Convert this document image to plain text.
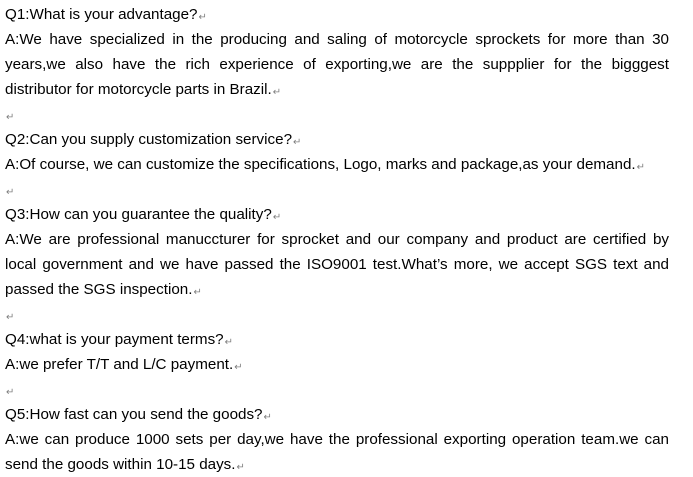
Q1:What is your advantage?↵
A:We have specialized in the producing and saling of motorcycle sprockets for more than 30
years,we also have the rich experience of exporting,we are the suppplier for the bigggest
distributor for motorcycle parts in Brazil.↵
↵
Q2:Can you supply customization service?↵
A:Of course, we can customize the specifications, Logo, marks and package,as your demand.↵
↵
Q3:How can you guarantee the quality?↵
A:We are professional manuccturer for sprocket and our company and product are certified by
local government and we have passed the ISO9001 test.What’s more, we accept SGS text and
passed the SGS inspection.↵
↵
Q4:what is your payment terms?↵
A:we prefer T/T and L/C payment.↵
↵
Q5:How fast can you send the goods?↵
A:we can produce 1000 sets per day,we have the professional exporting operation team.we can
send the goods within 10-15 days.↵
